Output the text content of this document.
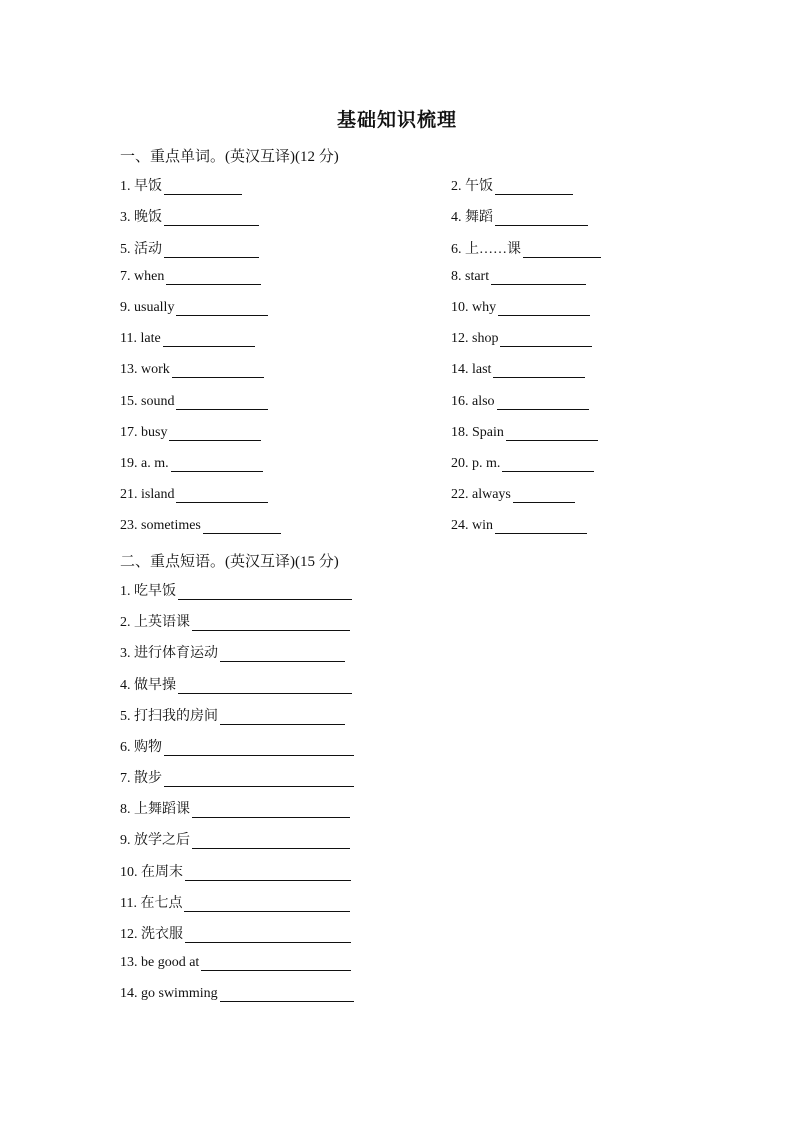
基础知识梳理
一、重点单词。(英汉互译)(12 分)
1. 早饭	2. 午饭
3. 晚饭	4. 舞蹈
5. 活动	6. 上……课
7. when	8. start
9. usually	10. why
11. late	12. shop
13. work	14. last
15. sound	16. also
17. busy	18. Spain
19. a. m.	20. p. m.
21. island	22. always
23. sometimes	24. win
二、重点短语。(英汉互译)(15 分)
1. 吃早饭
2. 上英语课
3. 进行体育运动
4. 做早操
5. 打扫我的房间
6. 购物
7. 散步
8. 上舞蹈课
9. 放学之后
10. 在周末
11. 在七点
12. 洗衣服
13. be good at
14. go swimming
